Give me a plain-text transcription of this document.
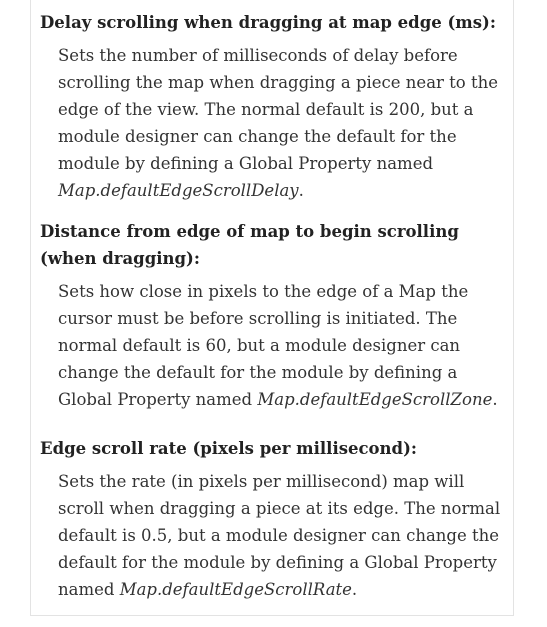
Delay scrolling when dragging at map edge (ms):

Sets the number of milliseconds of delay before scrolling the map when dragging a piece near to the edge of the view. The normal default is 200, but a module designer can change the default for the module by defining a Global Property named Map.defaultEdgeScrollDelay.

Distance from edge of map to begin scrolling (when dragging):

Sets how close in pixels to the edge of a Map the cursor must be before scrolling is initiated. The normal default is 60, but a module designer can change the default for the module by defining a Global Property named Map.defaultEdgeScrollZone.

Edge scroll rate (pixels per millisecond):

Sets the rate (in pixels per millisecond) map will scroll when dragging a piece at its edge. The normal default is 0.5, but a module designer can change the default for the module by defining a Global Property named Map.defaultEdgeScrollRate.
